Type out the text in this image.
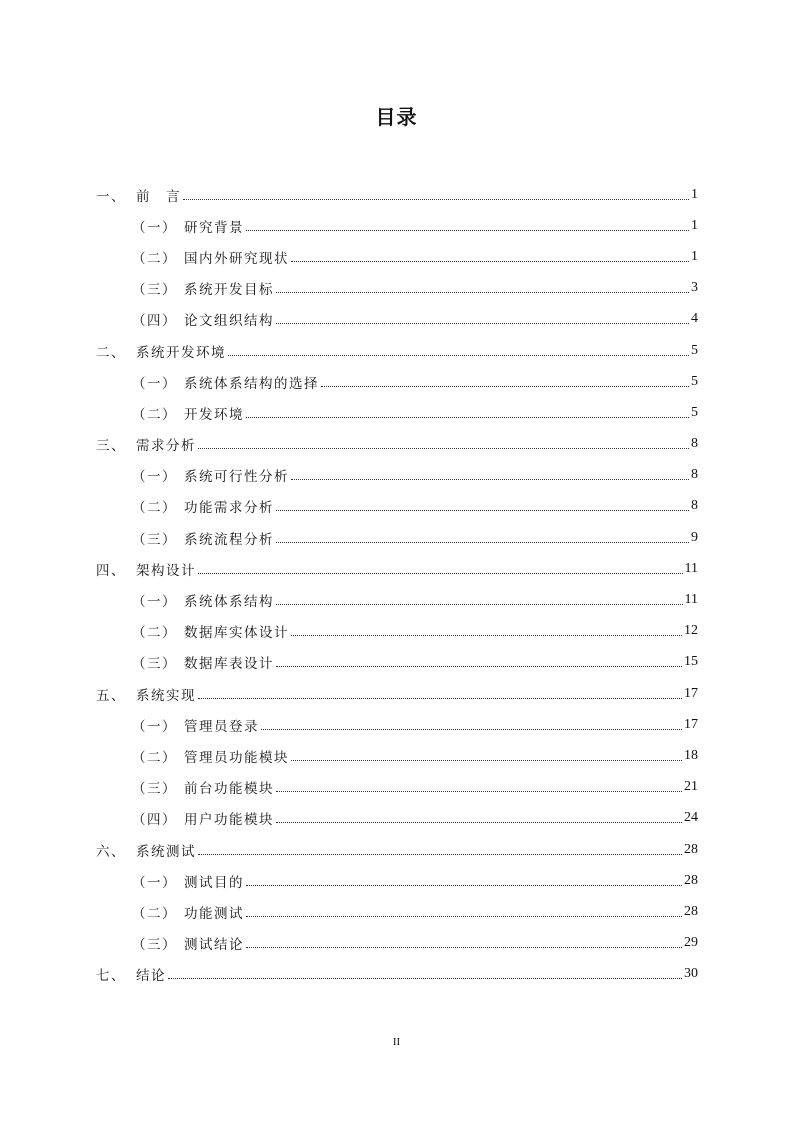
目录
一、 前　言	1
（一） 研究背景	1
（二） 国内外研究现状	1
（三） 系统开发目标	3
（四） 论文组织结构	4
二、 系统开发环境	5
（一） 系统体系结构的选择	5
（二） 开发环境	5
三、 需求分析	8
（一） 系统可行性分析	8
（二） 功能需求分析	8
（三） 系统流程分析	9
四、 架构设计	11
（一） 系统体系结构	11
（二） 数据库实体设计	12
（三） 数据库表设计	15
五、 系统实现	17
（一） 管理员登录	17
（二） 管理员功能模块	18
（三） 前台功能模块	21
（四） 用户功能模块	24
六、 系统测试	28
（一） 测试目的	28
（二） 功能测试	28
（三） 测试结论	29
七、 结论	30
II
